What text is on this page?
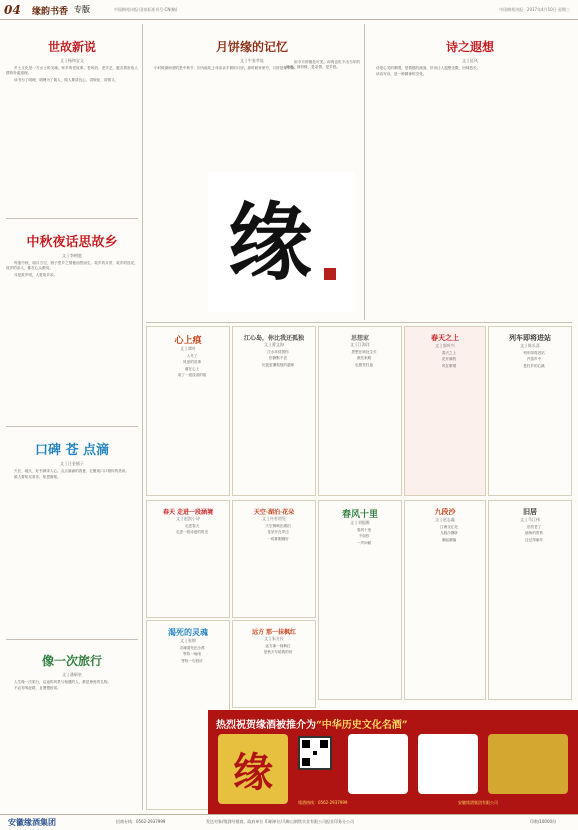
04 缘韵书香 专版	中国梅苑诗报·国家标准刊号·CN(略)	中国梅苑诗报 · 2017年4月10日 星期三
世故新说
文 | 杨和宝文

乡土文化是一方水土的灵魂，家乡的老故事、老风俗、老手艺，蕴含着世故人情的朴素道理。

读书为了明理，明理为了做人，做人要讲良心、讲规矩、讲情义。

中秋夜话思故乡
文 | 李树庭

每逢中秋，明月当空，游子思乡之情便油然而生。故乡的月饼，故乡的桂花，故乡的亲人，都在心头萦绕。

月是故乡明，人是故乡亲。

口碑 苍 点滴
文 | 汪金铺子

天长、地久，好书润泽人心。点点滴滴的善意，汇聚成口口相传的美谈。

做人要知足常乐，知恩图报。

像一次旅行
文 | 潘硕泉

人生像一次旅行，沿途的风景与相遇的人，都是珍贵的礼物。

不必匆匆赶路，且慢慢欣赏。

月饼缘的记忆
文 | 牛张孝娃

小时候最盼望的是中秋节，因为能吃上母亲亲手做的月饼。那时候家里穷，月饼是稀罕物。

缘

如今月饼随处可见，却再也吃不出当年的味道。那份缘，是亲情，是乡愁。

诗之遐想
文 | 征风

诗是心灵的歌唱，是情感的流淌。好诗让人遐想无限，回味悠长。

读诗写诗，是一种精神的享受。

心上痕
文 | 谭叶

入冬了

风里的旧事

落在心上

成了一道浅浅的痕

江心岛，你比我还孤独
文 | 曹文海

江水环绕着你

你静默不语

比我更懂孤独的滋味

思想家
文 | 江海洋

思想在暗处生长

照亮来路

也照亮归途

春天之上
文 | 郭叶兴

春天之上

花开满枝

风在歌唱

列车即将进站
文 | 陈长喜

列车即将进站

汽笛声中

是归乡的心跳

春天 走进一段涵境
文 | 赵凯小诗

走进春天

走进一段诗意的时光

天空·湖泊·花朵
文 | 丹若初见

天空倒映在湖泊

花朵开在岸边

一切都刚刚好

春风十里
文 | 刘振维

春风十里

不如你

一声问候

九段沙
文 | 赵志鑫

江海交汇处

九段沙静卧

潮起潮落

旧居
文 | 马江伟

旧居老了

墙角的青苔

还记得童年

渴死的灵魂
文 | 张锦

灵魂渴死在沙漠

等待一场雨

等待一句回应

远方 那一抹枫红
文 | 朱方民

远方那一抹枫红

是秋天写给我的信

热烈祝贺缘酒被推介为“中华历史文化名酒”
缘
缘酒热线：0562-2937999	安徽缘酒集团有限公司
安徽缘酒集团	招商专线：0562-2937999	发送对象/缘酒经销商、政府单位 印刷单位/马鞍山钢铁实业有限公司报业印务分公司	印数/10000份
